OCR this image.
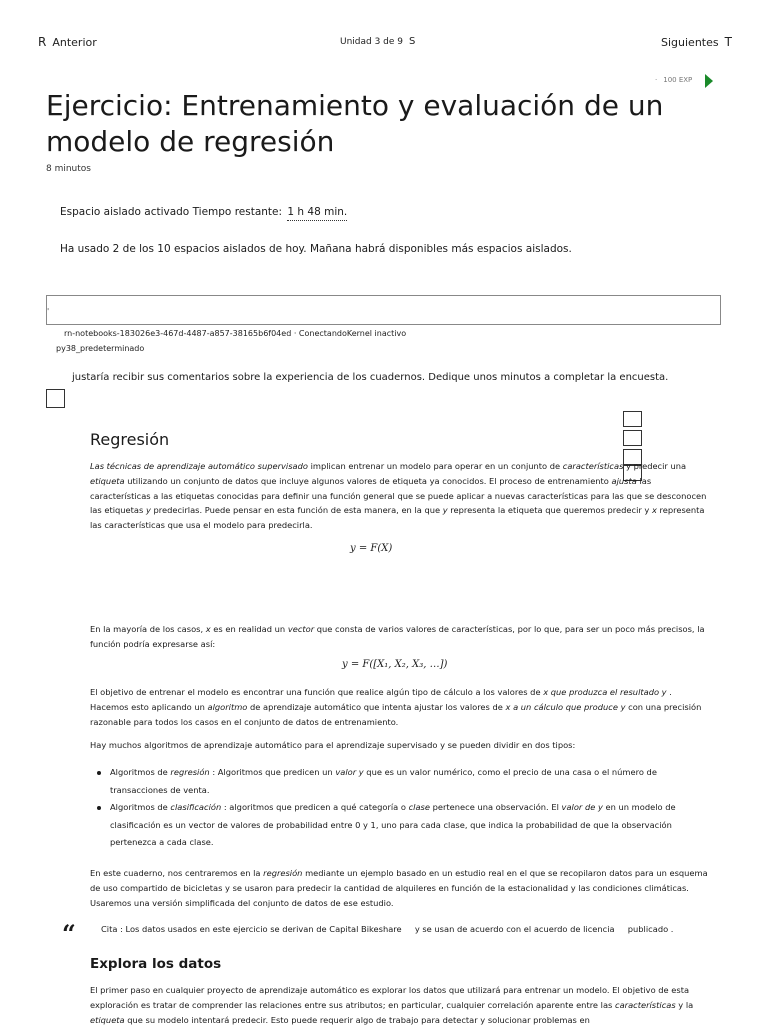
R Anterior	Unidad 3 de 9 S	Siguientes T
· 100 EXP
Ejercicio: Entrenamiento y evaluación de un modelo de regresión
8 minutos
Espacio aislado activado Tiempo restante: 1 h 48 min.
Ha usado 2 de los 10 espacios aislados de hoy. Mañana habrá disponibles más espacios aislados.
'
rn-notebooks-183026e3-467d-4487-a857-38165b6f04ed · ConectandoKernel inactivo
py38_predeterminado
justaría recibir sus comentarios sobre la experiencia de los cuadernos. Dedique unos minutos a completar la encuesta.
Regresión
Las técnicas de aprendizaje automático supervisado implican entrenar un modelo para operar en un conjunto de características y predecir una etiqueta utilizando un conjunto de datos que incluye algunos valores de etiqueta ya conocidos. El proceso de entrenamiento ajusta las características a las etiquetas conocidas para definir una función general que se puede aplicar a nuevas características para las que se desconocen las etiquetas y predecirlas. Puede pensar en esta función de esta manera, en la que y representa la etiqueta que queremos predecir y x representa las características que usa el modelo para predecirla.
y = F(X)
En la mayoría de los casos, x es en realidad un vector que consta de varios valores de características, por lo que, para ser un poco más precisos, la función podría expresarse así:
y = F([X₁, X₂, X₃, …])
El objetivo de entrenar el modelo es encontrar una función que realice algún tipo de cálculo a los valores de x que produzca el resultado y . Hacemos esto aplicando un algoritmo de aprendizaje automático que intenta ajustar los valores de x a un cálculo que produce y con una precisión razonable para todos los casos en el conjunto de datos de entrenamiento.
Hay muchos algoritmos de aprendizaje automático para el aprendizaje supervisado y se pueden dividir en dos tipos:
Algoritmos de regresión : Algoritmos que predicen un valor y que es un valor numérico, como el precio de una casa o el número de transacciones de venta.
Algoritmos de clasificación : algoritmos que predicen a qué categoría o clase pertenece una observación. El valor de y en un modelo de clasificación es un vector de valores de probabilidad entre 0 y 1, uno para cada clase, que indica la probabilidad de que la observación pertenezca a cada clase.
En este cuaderno, nos centraremos en la regresión mediante un ejemplo basado en un estudio real en el que se recopilaron datos para un esquema de uso compartido de bicicletas y se usaron para predecir la cantidad de alquileres en función de la estacionalidad y las condiciones climáticas. Usaremos una versión simplificada del conjunto de datos de ese estudio.
“	Cita : Los datos usados en este ejercicio se derivan de Capital Bikeshare     y se usan de acuerdo con el acuerdo de licencia     publicado .
Explora los datos
El primer paso en cualquier proyecto de aprendizaje automático es explorar los datos que utilizará para entrenar un modelo. El objetivo de esta exploración es tratar de comprender las relaciones entre sus atributos; en particular, cualquier correlación aparente entre las características y la etiqueta que su modelo intentará predecir. Esto puede requerir algo de trabajo para detectar y solucionar problemas en
